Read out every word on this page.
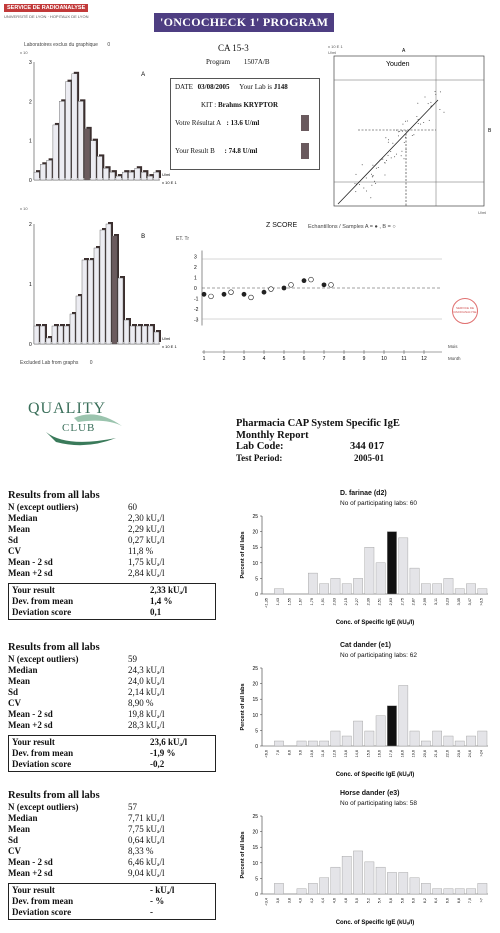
SERVICE DE RADIOANALYSE
UNIVERSITÉ DE LYON · HOPITAUX DE LYON	'ONCOCHECK 1' PROGRAM
Laboratoires exclus du graphique 0	CA 15-3
Program 1507A/B
0
1
2
3
A
x 10
U/ml
x 10 E 1
0
1
2
B
x 10
U/ml
x 10 E 1
Excluded Lab from graphs 0
DATE 03/08/2005 Your Lab is J148
KIT : Brahms KRYPTOR
Votre Résultat A : 13.6 U/ml
Your Result B : 74.8 U/ml
x 10 E 1
U/ml	A
B
Youden
U/ml
Z SCORE Echantillons / Samples A = ● , B = ○
ET. Tr
Mois
Month
-3
-2
-1
0
1
2
3
1	2	3	4	5	6	7	8	9	10	11	12
SERVICE DE RADIOANALYSE
QUALITY
CLUB	Pharmacia CAP System Specific IgE
Monthly Report
Lab Code:	344 017
Test Period:	2005-01
Results from all labs
N (except outliers)	60
Median	2,30 kUₐ/l
Mean	2,29 kUₐ/l
Sd	0,27 kUₐ/l
CV	11,8 %
Mean - 2 sd	1,75 kUₐ/l
Mean +2 sd	2,84 kUₐ/l
Your result	2,33 kUₐ/l
Dev. from mean	1,4 %
Deviation score	0,1
D. farinae (d2)
No of participating labs: 60
0
5
10
15
20
25
Percent of all labs
<1,35 1,43 1,55 1,67 1,79 1,91 2,03 2,15 2,27 2,39 2,51 2,63 2,75 2,87 2,99 3,11 3,23 3,35 3,47 >3,5
Conc. of Specific IgE (kUₐ/l)
Results from all labs
N (except outliers)	59
Median	24,3 kUₐ/l
Mean	24,0 kUₐ/l
Sd	2,14 kUₐ/l
CV	8,90 %
Mean - 2 sd	19,8 kUₐ/l
Mean +2 sd	28,3 kUₐ/l
Your result	23,6 kUₐ/l
Dev. from mean	-1,9 %
Deviation score	-0,2
Cat dander (e1)
No of participating labs: 62
0
5
10
15
20
25
Percent of all labs
<6,6 7,6 8,6 9,6 10,6 11,6 12,6 13,6 14,6 15,6 16,6 17,6 18,6 19,6 20,6 21,6 22,6 23,6 24,6 >24
Conc. of Specific IgE (kUₐ/l)
Results from all labs
N (except outliers)	57
Median	7,71 kUₐ/l
Mean	7,75 kUₐ/l
Sd	0,64 kUₐ/l
CV	8,33 %
Mean - 2 sd	6,46 kUₐ/l
Mean +2 sd	9,04 kUₐ/l
Your result	- kUₐ/l
Dev. from mean	- %
Deviation score	-
Horse dander (e3)
No of participating labs: 58
0
5
10
15
20
25
Percent of all labs
<3,4 3,6 3,8 4,0 4,2 4,4 4,6 4,8 5,0 5,2 5,4 5,6 5,8 6,0 6,2 6,4 6,6 6,8 7,0 >7
Conc. of Specific IgE (kUₐ/l)
